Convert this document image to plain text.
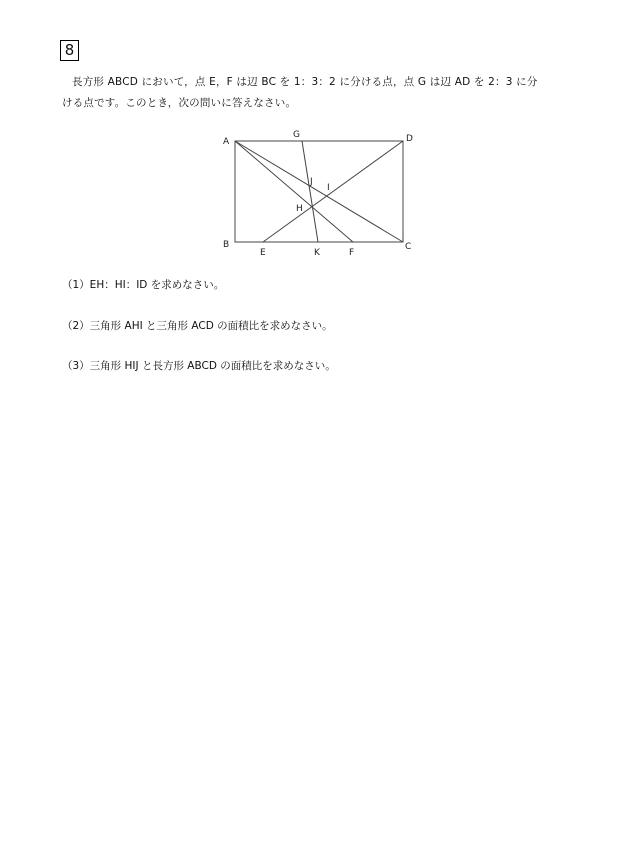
8
長方形 ABCD において，点 E，F は辺 BC を 1：3：2 に分ける点，点 G は辺 AD を 2：3 に分
ける点です。このとき，次の問いに答えなさい。
A
G	D
J
I
H
B
E	K	F
C
（1）EH：HI：ID を求めなさい。
（2）三角形 AHI と三角形 ACD の面積比を求めなさい。
（3）三角形 HIJ と長方形 ABCD の面積比を求めなさい。
